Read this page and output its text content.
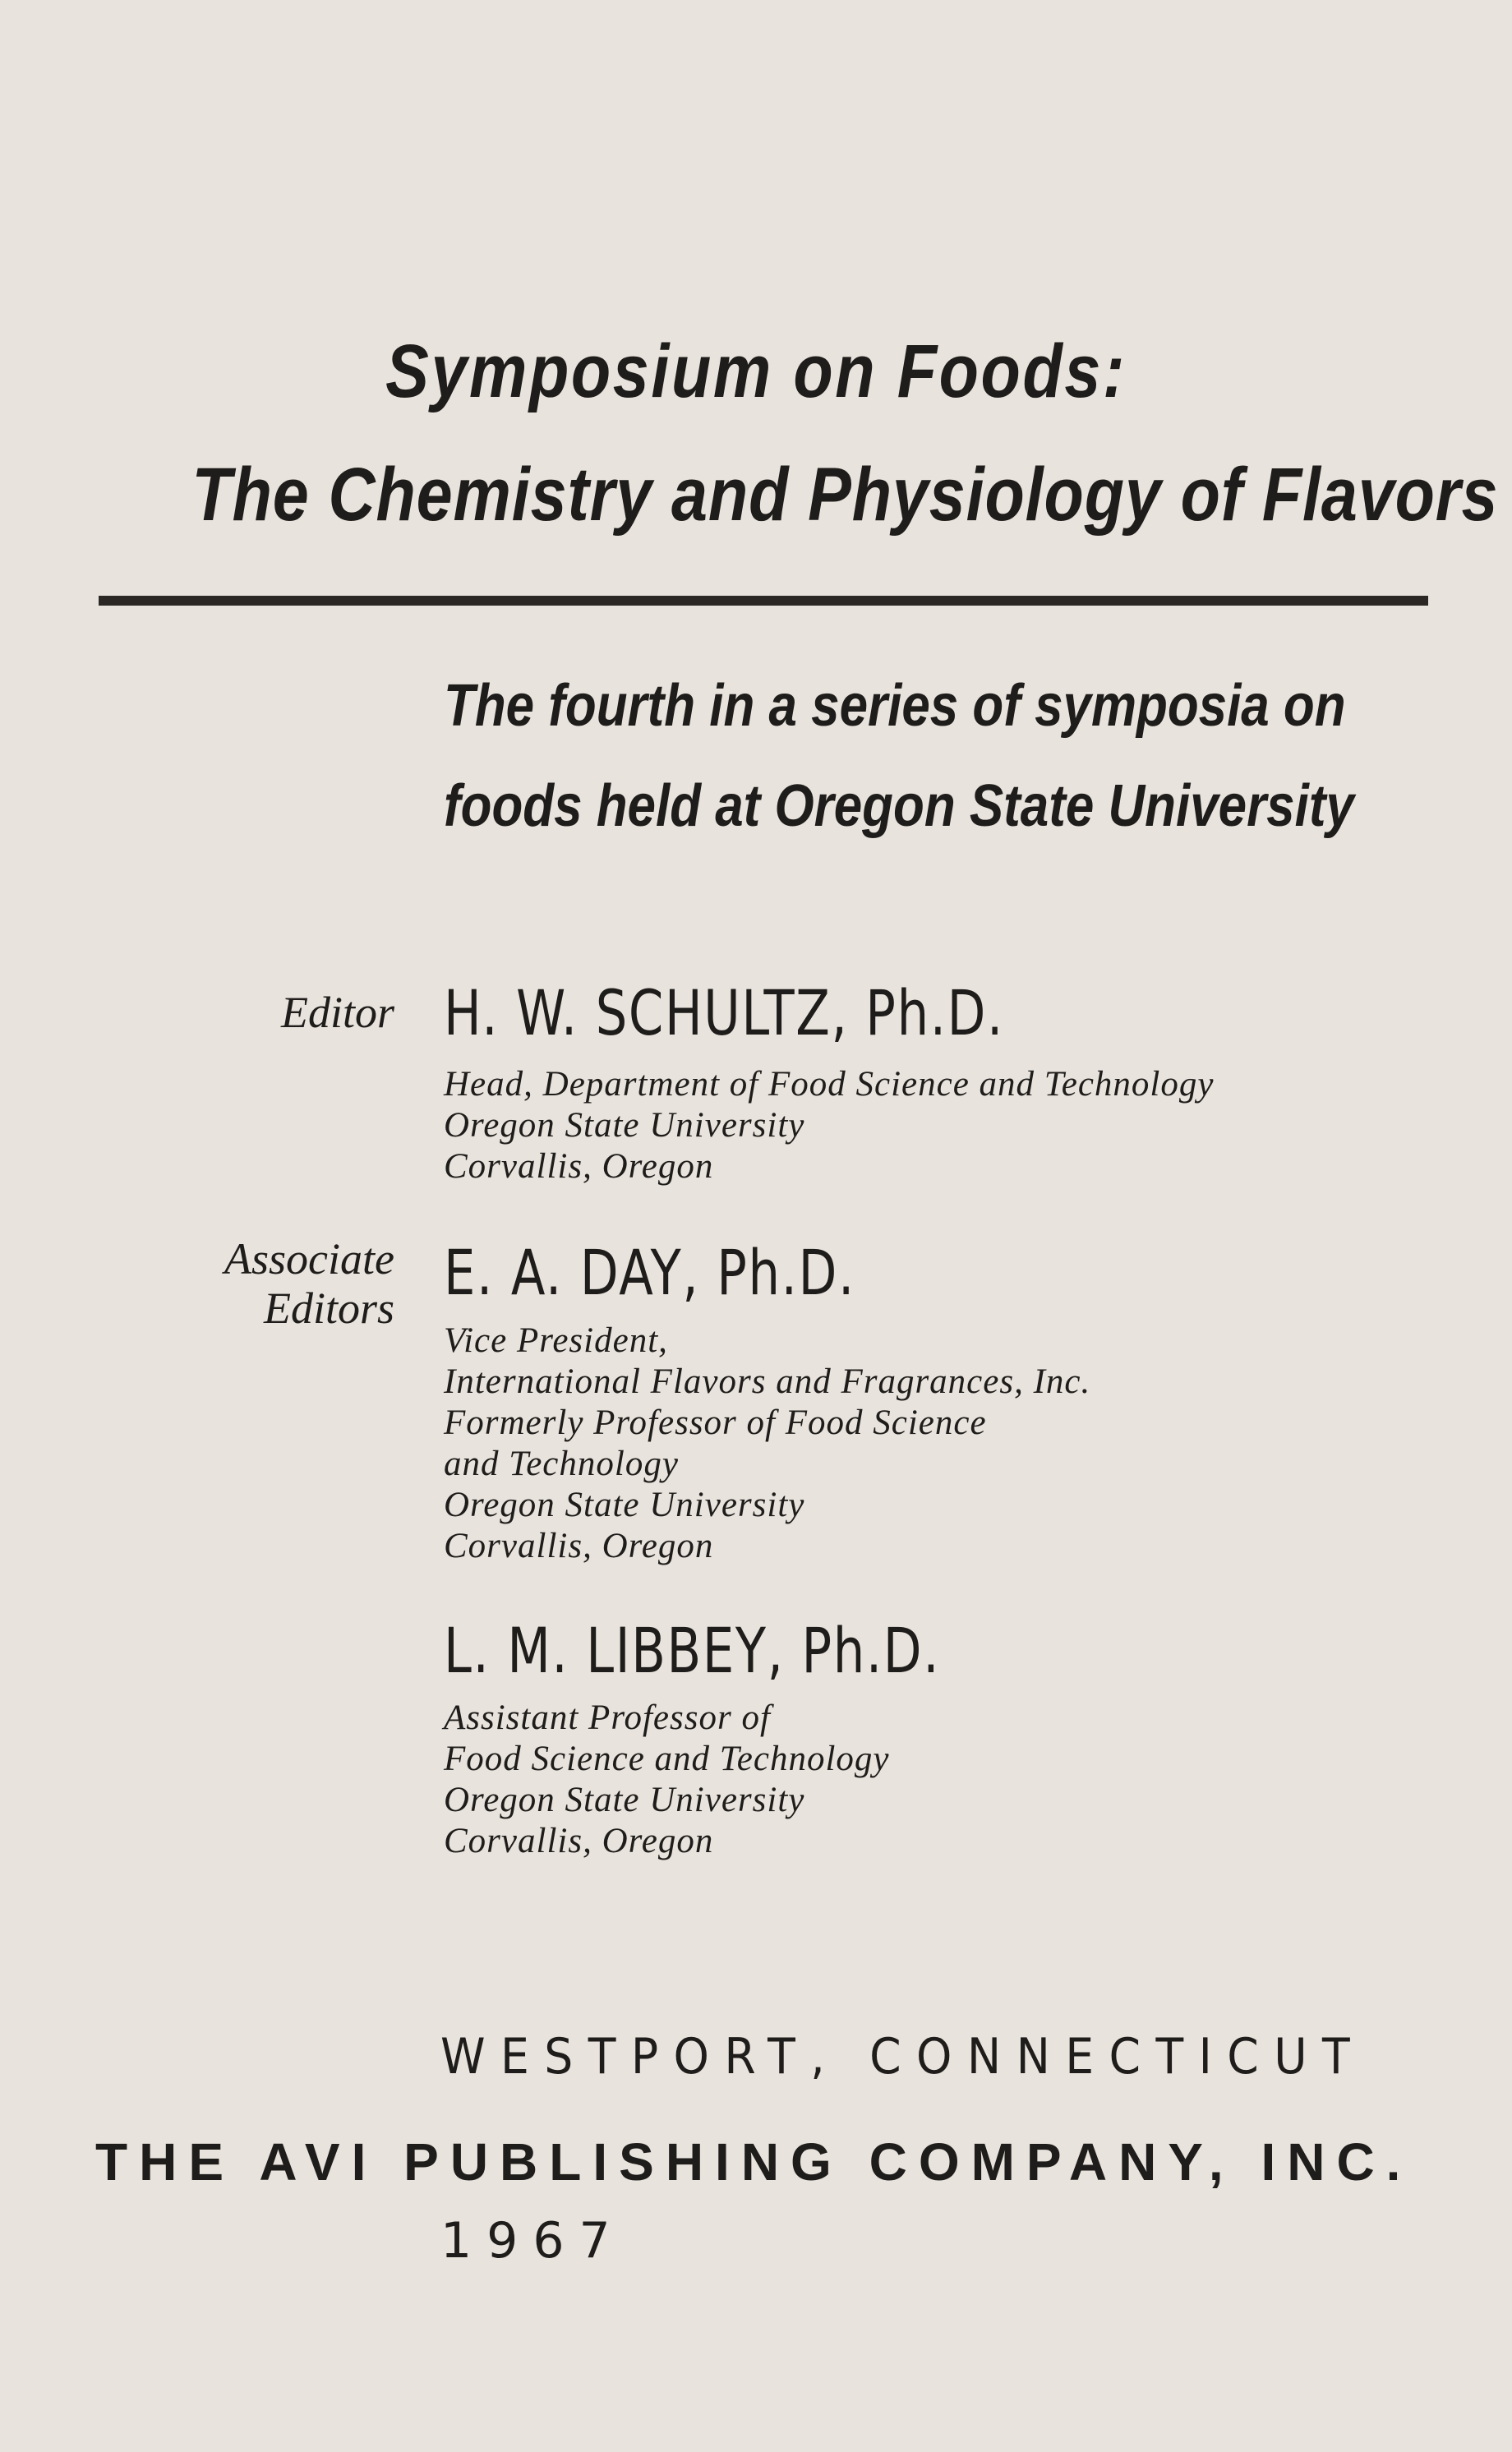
Symposium on Foods:
The Chemistry and Physiology of Flavors
The fourth in a series of symposia on
foods held at Oregon State University
Editor H. W. SCHULTZ, Ph.D.
Head, Department of Food Science and Technology
Oregon State University
Corvallis, Oregon
Associate
Editors E. A. DAY, Ph.D.
Vice President,
International Flavors and Fragrances, Inc.
Formerly Professor of Food Science
and Technology
Oregon State University
Corvallis, Oregon
L. M. LIBBEY, Ph.D.
Assistant Professor of
Food Science and Technology
Oregon State University
Corvallis, Oregon
WESTPORT, CONNECTICUT
THE AVI PUBLISHING COMPANY, INC.
1967
